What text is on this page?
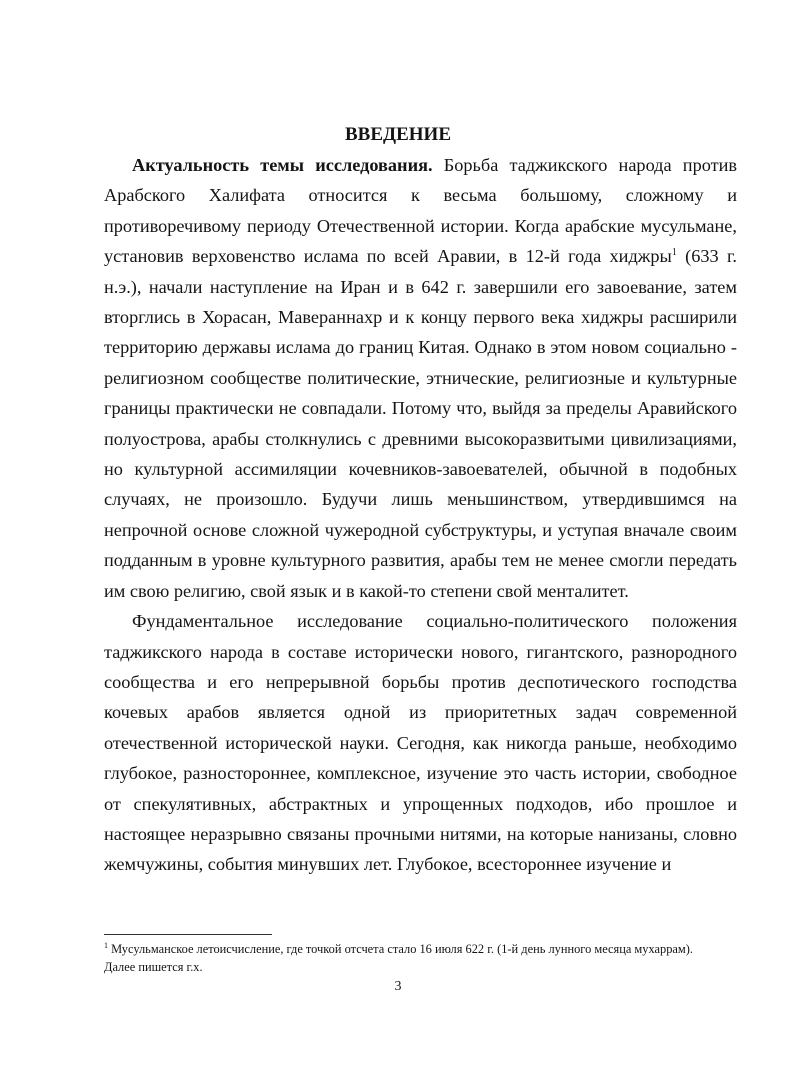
ВВЕДЕНИЕ

Актуальность темы исследования. Борьба таджикского народа против Арабского Халифата относится к весьма большому, сложному и противоречивому периоду Отечественной истории. Когда арабские мусульмане, установив верховенство ислама по всей Аравии, в 12-й года хиджры$^1$ (633 г. н.э.), начали наступление на Иран и в 642 г. завершили его завоевание, затем вторглись в Хорасан, Мавераннахр и к концу первого века хиджры расширили территорию державы ислама до границ Китая. Однако в этом новом социально - религиозном сообществе политические, этнические, религиозные и культурные границы практически не совпадали. Потому что, выйдя за пределы Аравийского полуострова, арабы столкнулись с древними высокоразвитыми цивилизациями, но культурной ассимиляции кочевников-завоевателей, обычной в подобных случаях, не произошло. Будучи лишь меньшинством, утвердившимся на непрочной основе сложной чужеродной субструктуры, и уступая вначале своим подданным в уровне культурного развития, арабы тем не менее смогли передать им свою религию, свой язык и в какой-то степени свой менталитет.

Фундаментальное исследование социально-политического положения таджикского народа в составе исторически нового, гигантского, разнородного сообщества и его непрерывной борьбы против деспотического господства кочевых арабов является одной из приоритетных задач современной отечественной исторической науки. Сегодня, как никогда раньше, необходимо глубокое, разностороннее, комплексное, изучение это часть истории, свободное от спекулятивных, абстрактных и упрощенных подходов, ибо прошлое и настоящее неразрывно связаны прочными нитями, на которые нанизаны, словно жемчужины, события минувших лет. Глубокое, всестороннее изучение и

$^1$ Мусульманское летоисчисление, где точкой отсчета стало 16 июля 622 г. (1-й день лунного месяца мухаррам). Далее пишется г.х.
3
